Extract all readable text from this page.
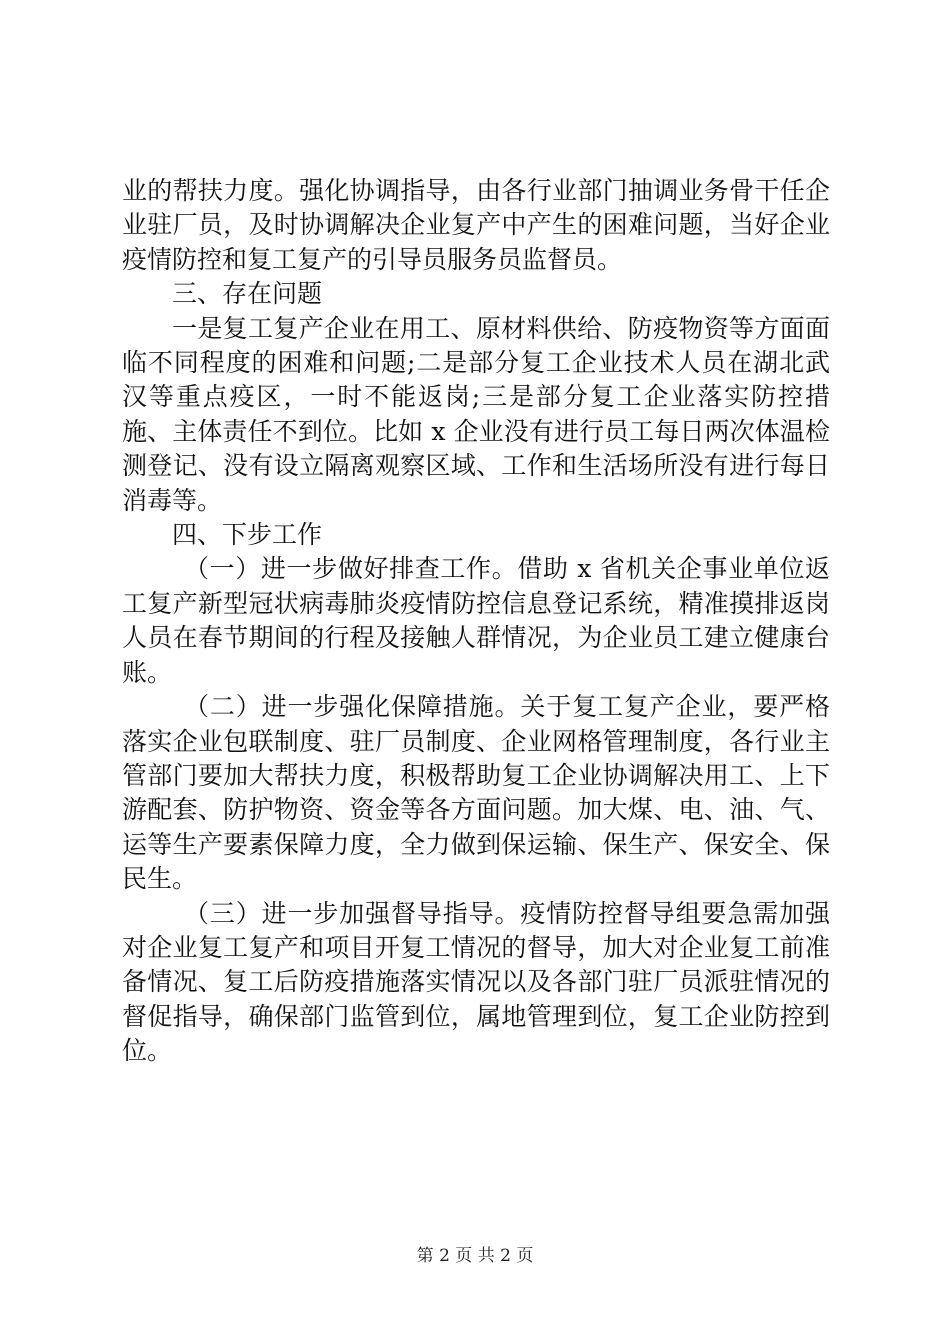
业的帮扶力度。强化协调指导，由各行业部门抽调业务骨干任企业驻厂员，及时协调解决企业复产中产生的困难问题，当好企业疫情防控和复工复产的引导员服务员监督员。

三、存在问题

一是复工复产企业在用工、原材料供给、防疫物资等方面面临不同程度的困难和问题;二是部分复工企业技术人员在湖北武汉等重点疫区，一时不能返岗;三是部分复工企业落实防控措施、主体责任不到位。比如 x 企业没有进行员工每日两次体温检测登记、没有设立隔离观察区域、工作和生活场所没有进行每日消毒等。

四、下步工作

（一）进一步做好排查工作。借助 x 省机关企事业单位返工复产新型冠状病毒肺炎疫情防控信息登记系统，精准摸排返岗人员在春节期间的行程及接触人群情况，为企业员工建立健康台账。

（二）进一步强化保障措施。关于复工复产企业，要严格落实企业包联制度、驻厂员制度、企业网格管理制度，各行业主管部门要加大帮扶力度，积极帮助复工企业协调解决用工、上下游配套、防护物资、资金等各方面问题。加大煤、电、油、气、运等生产要素保障力度，全力做到保运输、保生产、保安全、保民生。

（三）进一步加强督导指导。疫情防控督导组要急需加强对企业复工复产和项目开复工情况的督导，加大对企业复工前准备情况、复工后防疫措施落实情况以及各部门驻厂员派驻情况的督促指导，确保部门监管到位，属地管理到位，复工企业防控到位。

第 2 页 共 2 页
